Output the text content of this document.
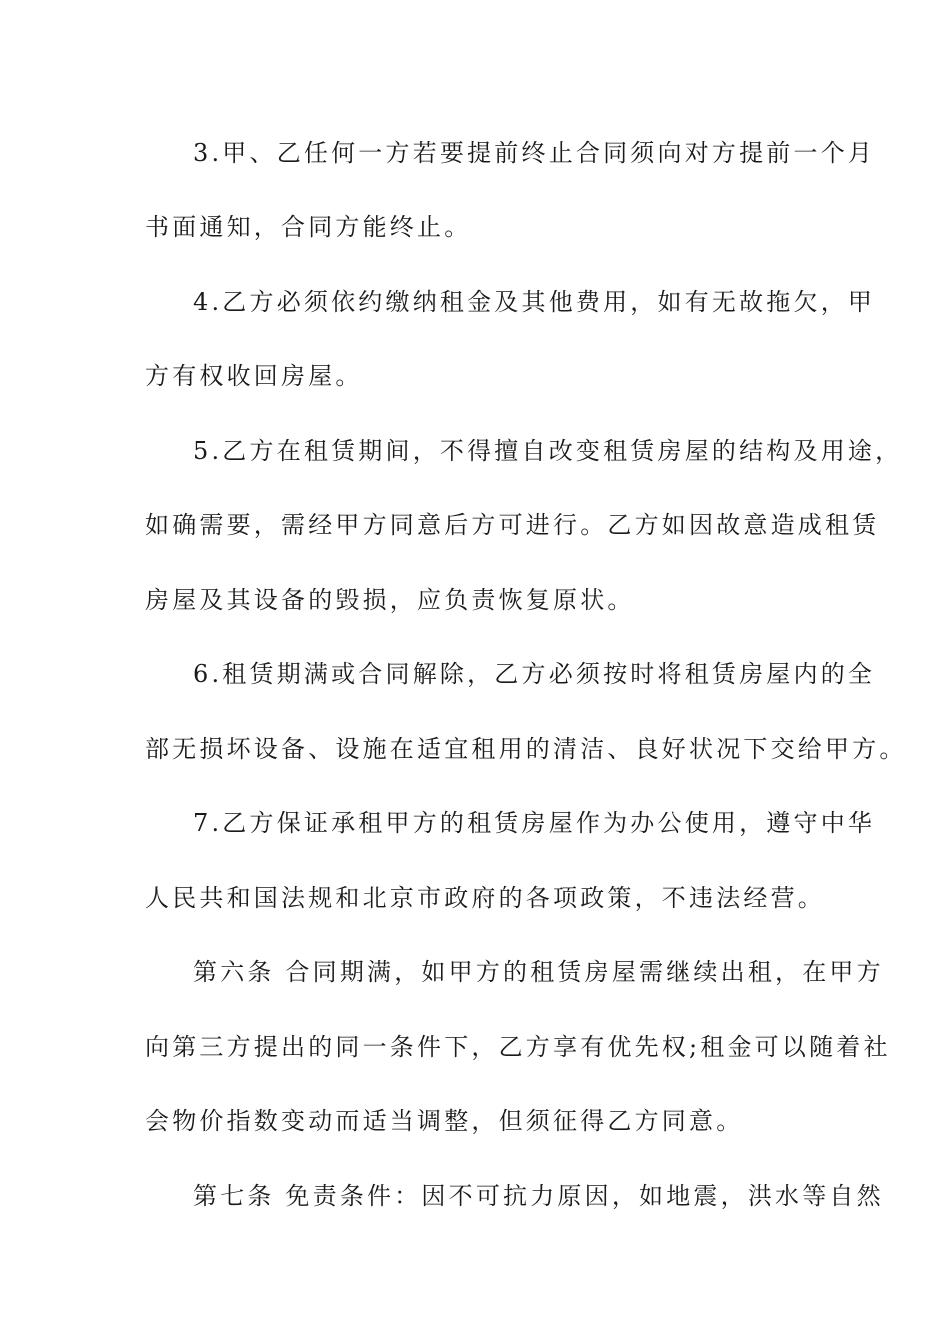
3.甲、乙任何一方若要提前终止合同须向对方提前一个月
书面通知，合同方能终止。
4.乙方必须依约缴纳租金及其他费用，如有无故拖欠，甲
方有权收回房屋。
5.乙方在租赁期间，不得擅自改变租赁房屋的结构及用途，
如确需要，需经甲方同意后方可进行。乙方如因故意造成租赁
房屋及其设备的毁损，应负责恢复原状。
6.租赁期满或合同解除，乙方必须按时将租赁房屋内的全
部无损坏设备、设施在适宜租用的清洁、良好状况下交给甲方。
7.乙方保证承租甲方的租赁房屋作为办公使用，遵守中华
人民共和国法规和北京市政府的各项政策，不违法经营。
第六条 合同期满，如甲方的租赁房屋需继续出租，在甲方
向第三方提出的同一条件下，乙方享有优先权;租金可以随着社
会物价指数变动而适当调整，但须征得乙方同意。
第七条 免责条件：因不可抗力原因，如地震，洪水等自然
